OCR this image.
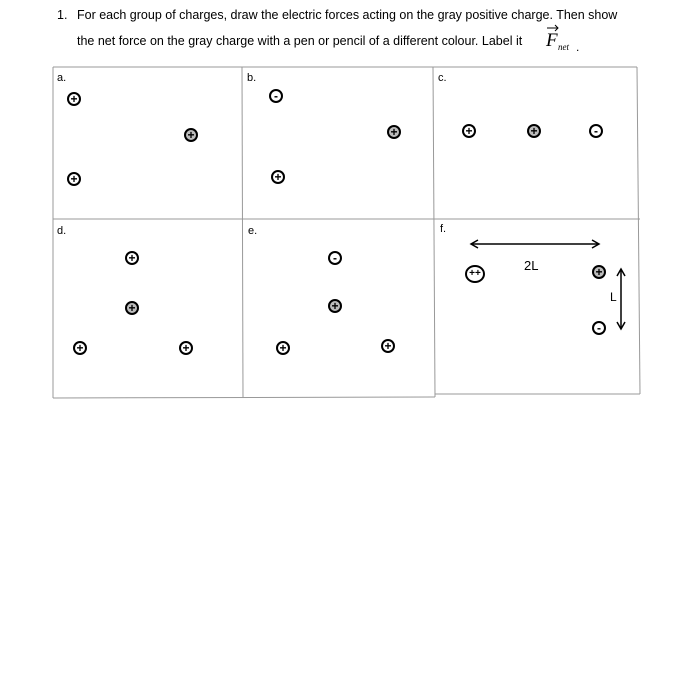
1. For each group of charges, draw the electric forces acting on the gray positive charge. Then show
the net force on the gray charge with a pen or pencil of a different colour. Label it F net .
a.	b.	c.
d.	e.	f.
+
+
+
-
+
+
+	+	-
+
+
+	+
-
+
+	+
++
2L	+
L
-
